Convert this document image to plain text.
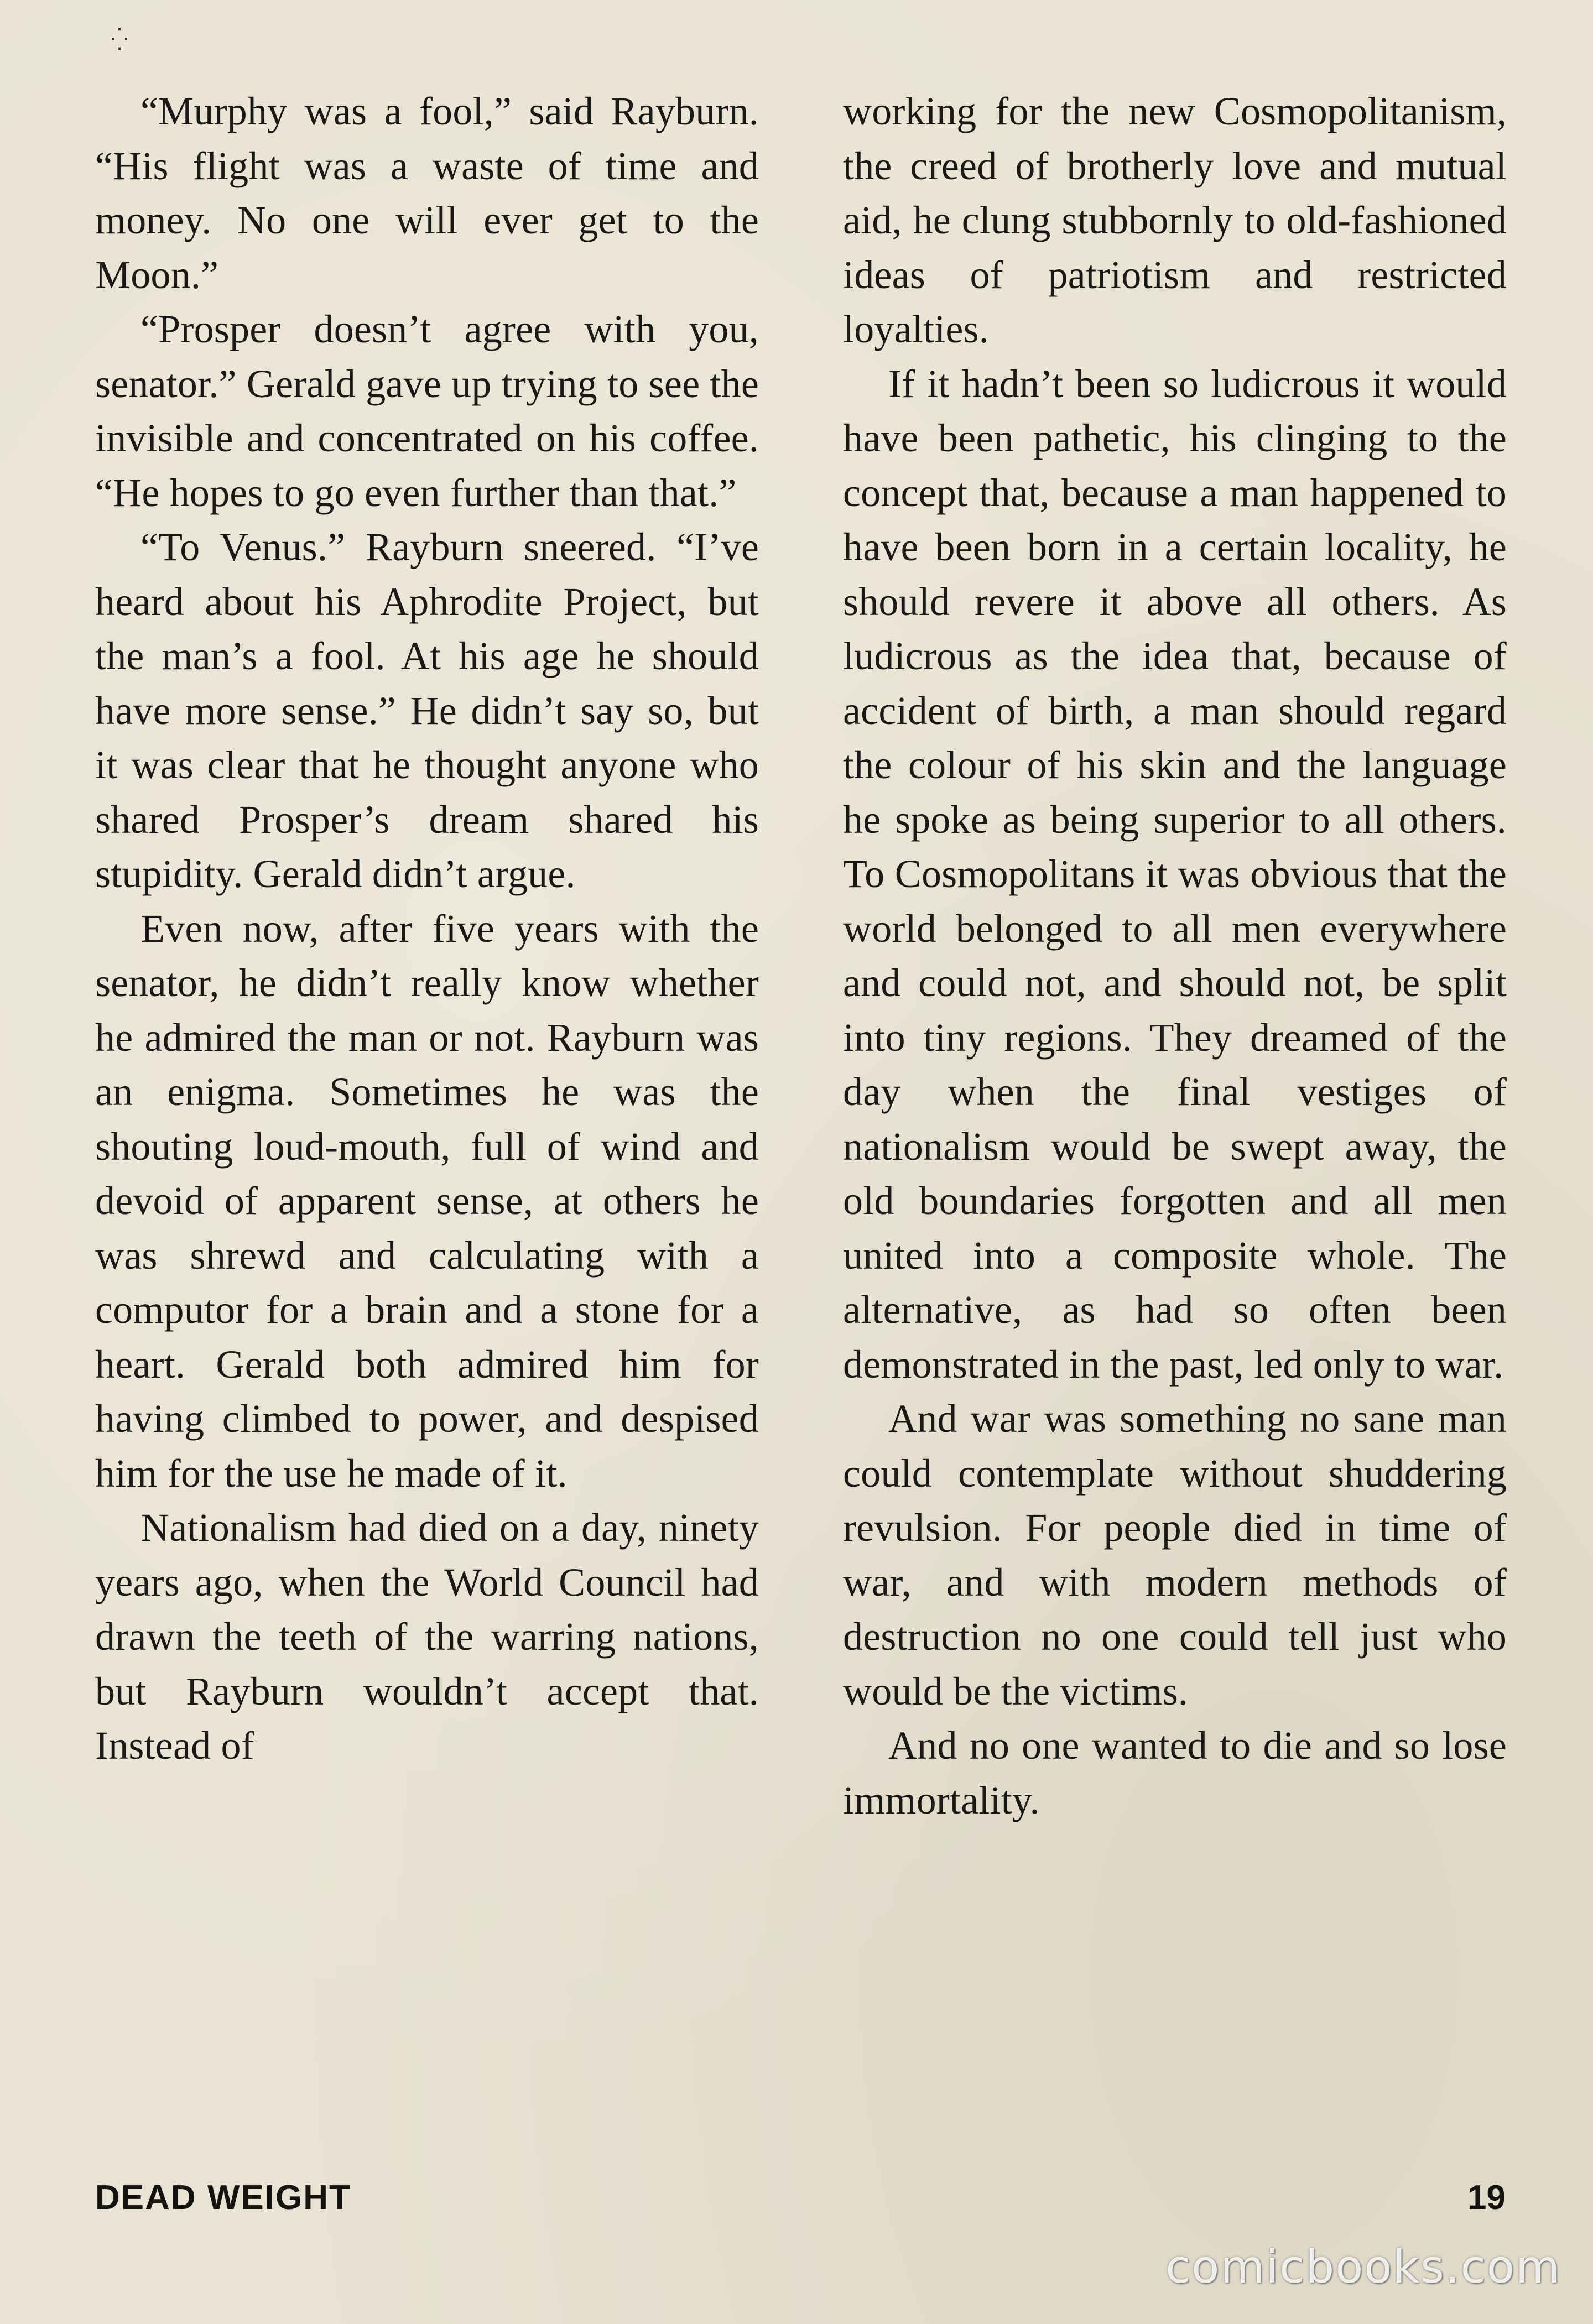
⁛

“Murphy was a fool,” said Rayburn. “His flight was a waste of time and money. No one will ever get to the Moon.”

“Prosper doesn’t agree with you, senator.” Gerald gave up trying to see the invisible and concentrated on his coffee. “He hopes to go even further than that.”

“To Venus.” Rayburn sneered. “I’ve heard about his Aphrodite Project, but the man’s a fool. At his age he should have more sense.” He didn’t say so, but it was clear that he thought anyone who shared Prosper’s dream shared his stupidity. Gerald didn’t argue.

Even now, after five years with the senator, he didn’t really know whether he admired the man or not. Rayburn was an enigma. Sometimes he was the shouting loud-mouth, full of wind and devoid of apparent sense, at others he was shrewd and calculating with a computor for a brain and a stone for a heart. Gerald both admired him for having climbed to power, and despised him for the use he made of it.

Nationalism had died on a day, ninety years ago, when the World Council had drawn the teeth of the warring nations, but Rayburn wouldn’t accept that. Instead of

working for the new Cosmopolitanism, the creed of brotherly love and mutual aid, he clung stubbornly to old-fashioned ideas of patriotism and restricted loyalties.

If it hadn’t been so ludicrous it would have been pathetic, his clinging to the concept that, because a man happened to have been born in a certain locality, he should revere it above all others. As ludicrous as the idea that, because of accident of birth, a man should regard the colour of his skin and the language he spoke as being superior to all others. To Cosmopolitans it was obvious that the world belonged to all men everywhere and could not, and should not, be split into tiny regions. They dreamed of the day when the final vestiges of nationalism would be swept away, the old boundaries forgotten and all men united into a composite whole. The alternative, as had so often been demonstrated in the past, led only to war.

And war was something no sane man could contemplate without shuddering revulsion. For people died in time of war, and with modern methods of destruction no one could tell just who would be the victims.

And no one wanted to die and so lose immortality.

DEAD WEIGHT	19
comicbooks.com
